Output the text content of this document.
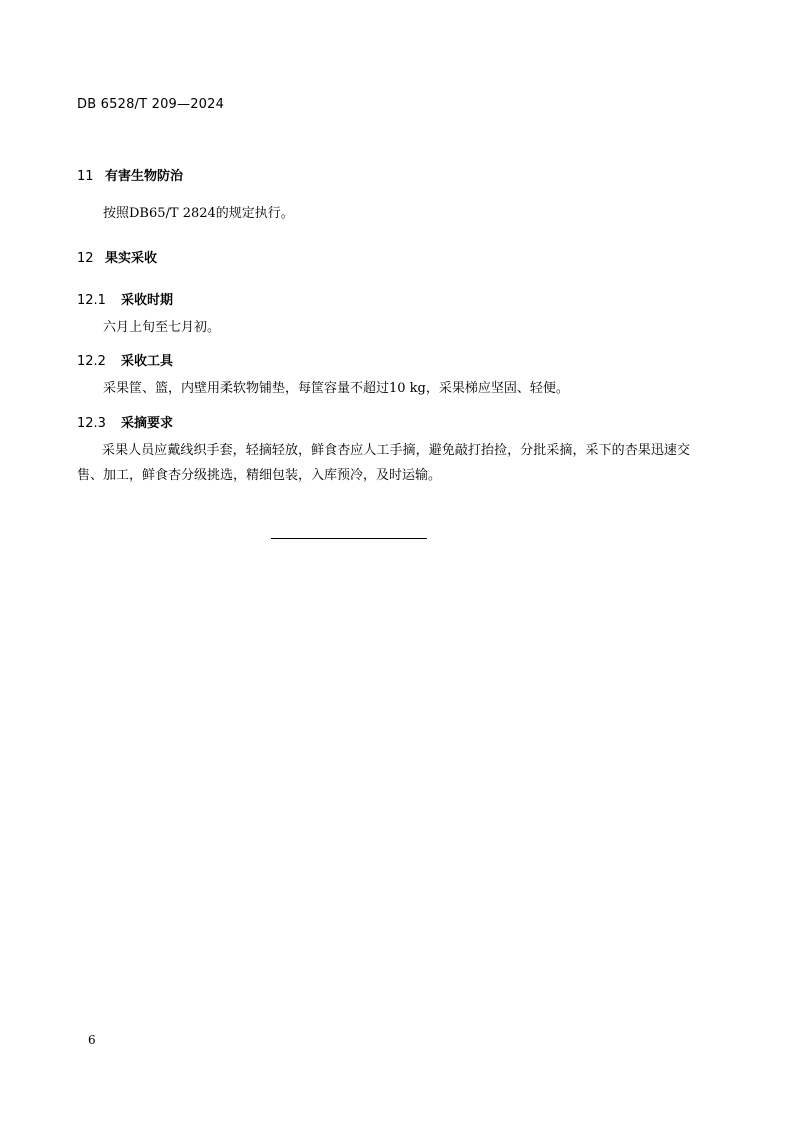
DB 6528/T 209—2024
11 有害生物防治
按照DB65/T 2824的规定执行。
12 果实采收
12.1 采收时期
六月上旬至七月初。
12.2 采收工具
采果筐、篮，内壁用柔软物铺垫，每筐容量不超过10 kg，采果梯应坚固、轻便。
12.3 采摘要求
采果人员应戴线织手套，轻摘轻放，鲜食杏应人工手摘，避免敲打抬捡，分批采摘，采下的杏果迅速交售、加工，鲜食杏分级挑选，精细包装，入库预冷，及时运输。
6
